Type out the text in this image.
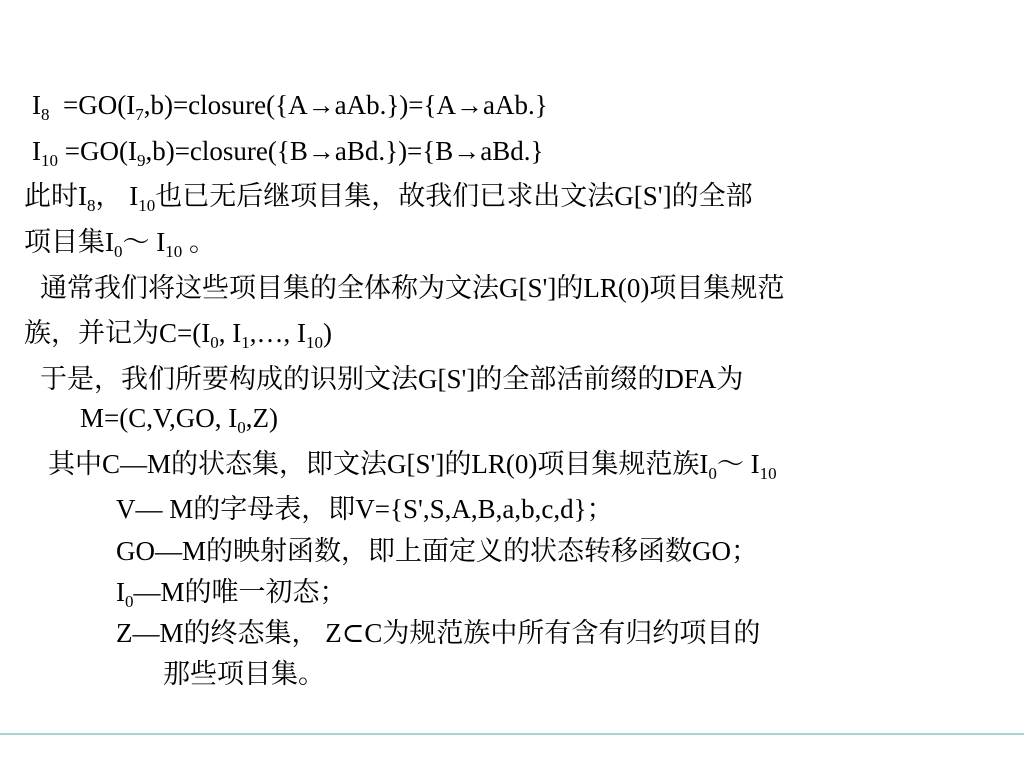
$I_8$  $=GO(I_7,b)=closure(\{A\to aAb.\})=\{A\to aAb.\}$
$I_{10}$ $=GO(I_9,b)=closure(\{B\to aBd.\})=\{B\to aBd.\}$
此时$I_8$， $I_{10}$也已无后继项目集，故我们已求出文法G[S']的全部
项目集$I_0\sim$ $I_{10}$ 。
通常我们将这些项目集的全体称为文法G[S']的LR(0)项目集规范
族，并记为$C=(I_0$, $I_1,\dots$, $I_{10}$)
于是，我们所要构成的识别文法G[S']的全部活前缀的DFA为
M=(C,V,GO, $I_0,Z$)
其中C—M的状态集，即文法G[S']的LR(0)项目集规范族$I_0\sim$ $I_{10}$
V— M的字母表，即V={S',S,A,B,a,b,c,d}；
GO—M的映射函数，即上面定义的状态转移函数GO；
$I_0—M$的唯一初态；
Z—M的终态集， Z⊂C为规范族中所有含有归约项目的
那些项目集。
